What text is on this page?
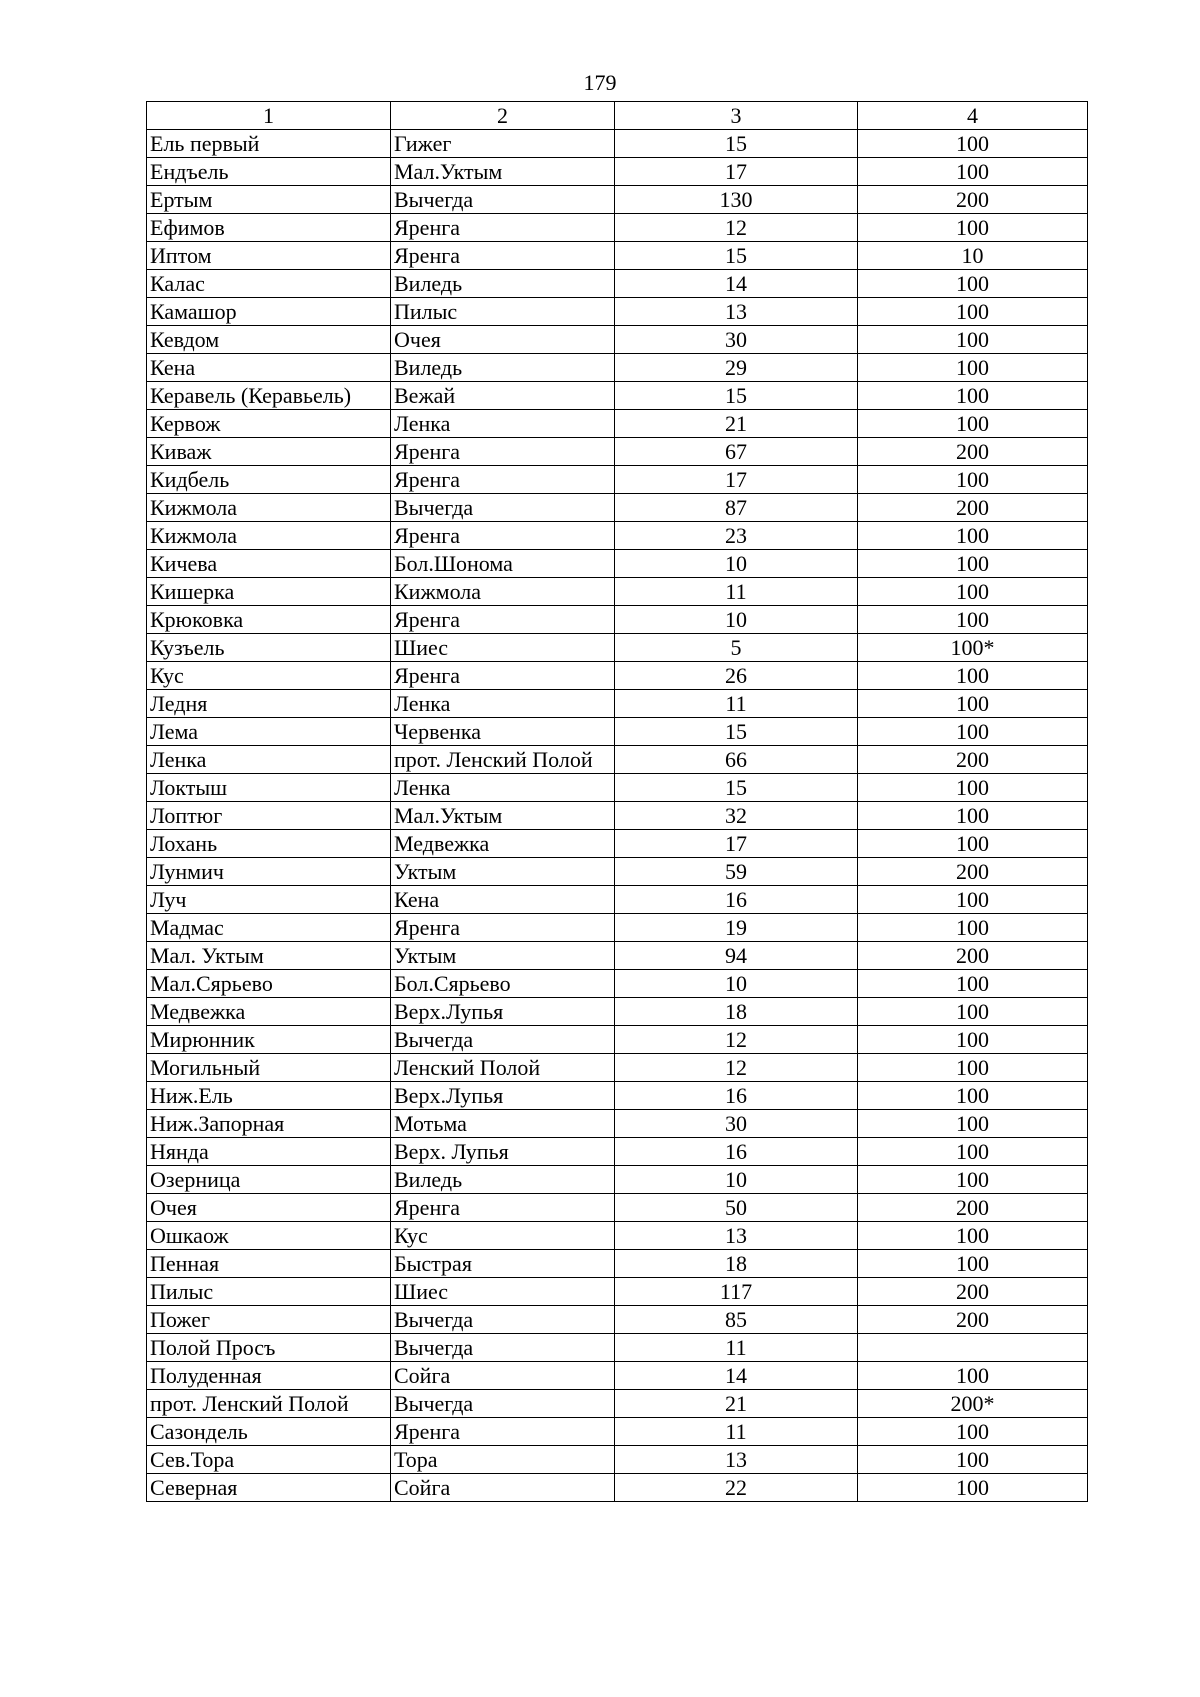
179
1	2	3	4
Ель первый	Гижег	15	100
Ендъель	Мал.Уктым	17	100
Ертым	Вычегда	130	200
Ефимов	Яренга	12	100
Иптом	Яренга	15	10
Калас	Виледь	14	100
Камашор	Пилыс	13	100
Кевдом	Очея	30	100
Кена	Виледь	29	100
Керавель (Керавьель)	Вежай	15	100
Кервож	Ленка	21	100
Киваж	Яренга	67	200
Кидбель	Яренга	17	100
Кижмола	Вычегда	87	200
Кижмола	Яренга	23	100
Кичева	Бол.Шонома	10	100
Кишерка	Кижмола	11	100
Крюковка	Яренга	10	100
Кузъель	Шиес	5	100*
Кус	Яренга	26	100
Ледня	Ленка	11	100
Лема	Червенка	15	100
Ленка	прот. Ленский Полой	66	200
Локтыш	Ленка	15	100
Лоптюг	Мал.Уктым	32	100
Лохань	Медвежка	17	100
Лунмич	Уктым	59	200
Луч	Кена	16	100
Мадмас	Яренга	19	100
Мал. Уктым	Уктым	94	200
Мал.Сярьево	Бол.Сярьево	10	100
Медвежка	Верх.Лупья	18	100
Мирюнник	Вычегда	12	100
Могильный	Ленский Полой	12	100
Ниж.Ель	Верх.Лупья	16	100
Ниж.Запорная	Мотьма	30	100
Нянда	Верх. Лупья	16	100
Озерница	Виледь	10	100
Очея	Яренга	50	200
Ошкаож	Кус	13	100
Пенная	Быстрая	18	100
Пилыс	Шиес	117	200
Пожег	Вычегда	85	200
Полой Просъ	Вычегда	11	
Полуденная	Сойга	14	100
прот. Ленский Полой	Вычегда	21	200*
Сазондель	Яренга	11	100
Сев.Тора	Тора	13	100
Северная	Сойга	22	100
